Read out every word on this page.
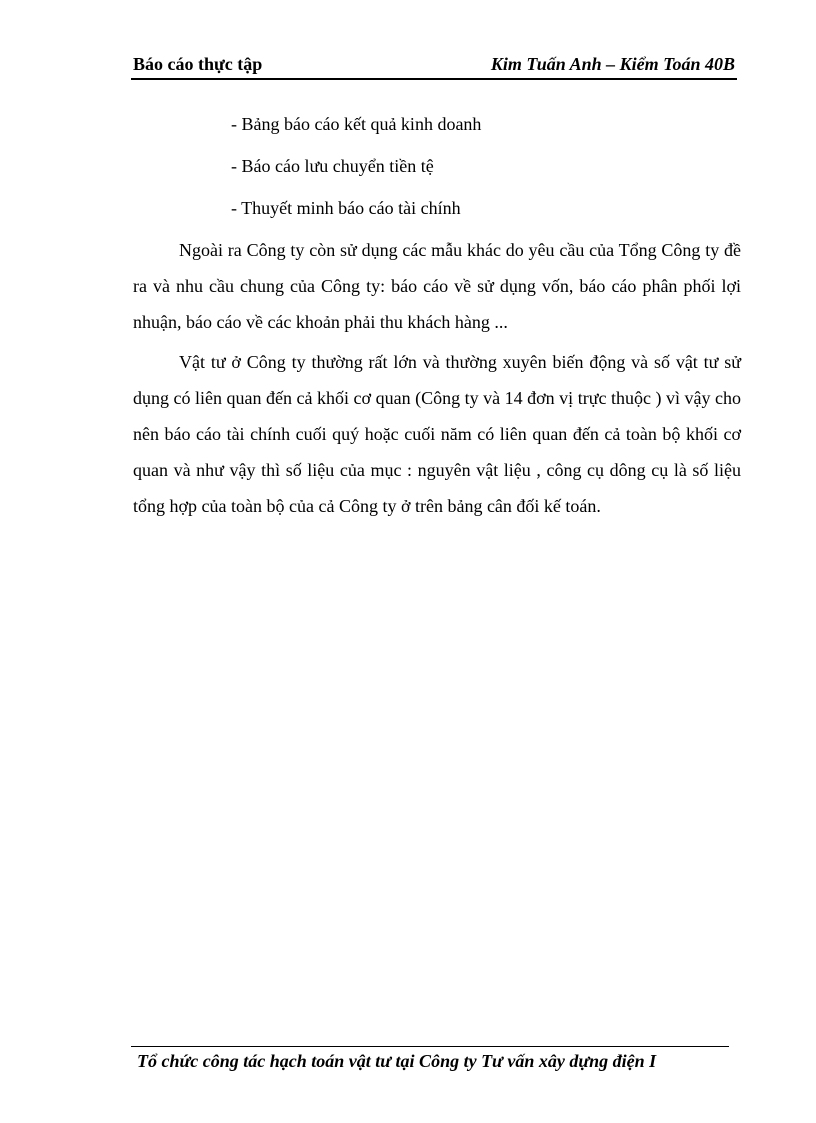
Báo cáo thực tập	Kim Tuấn Anh – Kiểm Toán 40B
- Bảng báo cáo kết quả kinh doanh
- Báo cáo lưu chuyển tiền tệ
- Thuyết minh báo cáo tài chính

Ngoài ra Công ty còn sử dụng các mẫu khác do yêu cầu của Tổng Công ty đề ra và nhu cầu chung của Công ty: báo cáo về sử dụng vốn, báo cáo phân phối lợi nhuận, báo cáo về các khoản phải thu khách hàng ...

Vật tư ở Công ty thường rất lớn và thường xuyên biến động và số vật tư sử dụng có liên quan đến cả khối cơ quan (Công ty và 14 đơn vị trực thuộc ) vì vậy cho nên báo cáo tài chính cuối quý hoặc cuối năm có liên quan đến cả toàn bộ khối cơ quan và như vậy thì số liệu của mục : nguyên vật liệu , công cụ dông cụ là số liệu tổng hợp của toàn bộ của cả Công ty ở trên bảng cân đối kế toán.

Tổ chức công tác hạch toán vật tư tại Công ty Tư vấn xây dựng điện I
